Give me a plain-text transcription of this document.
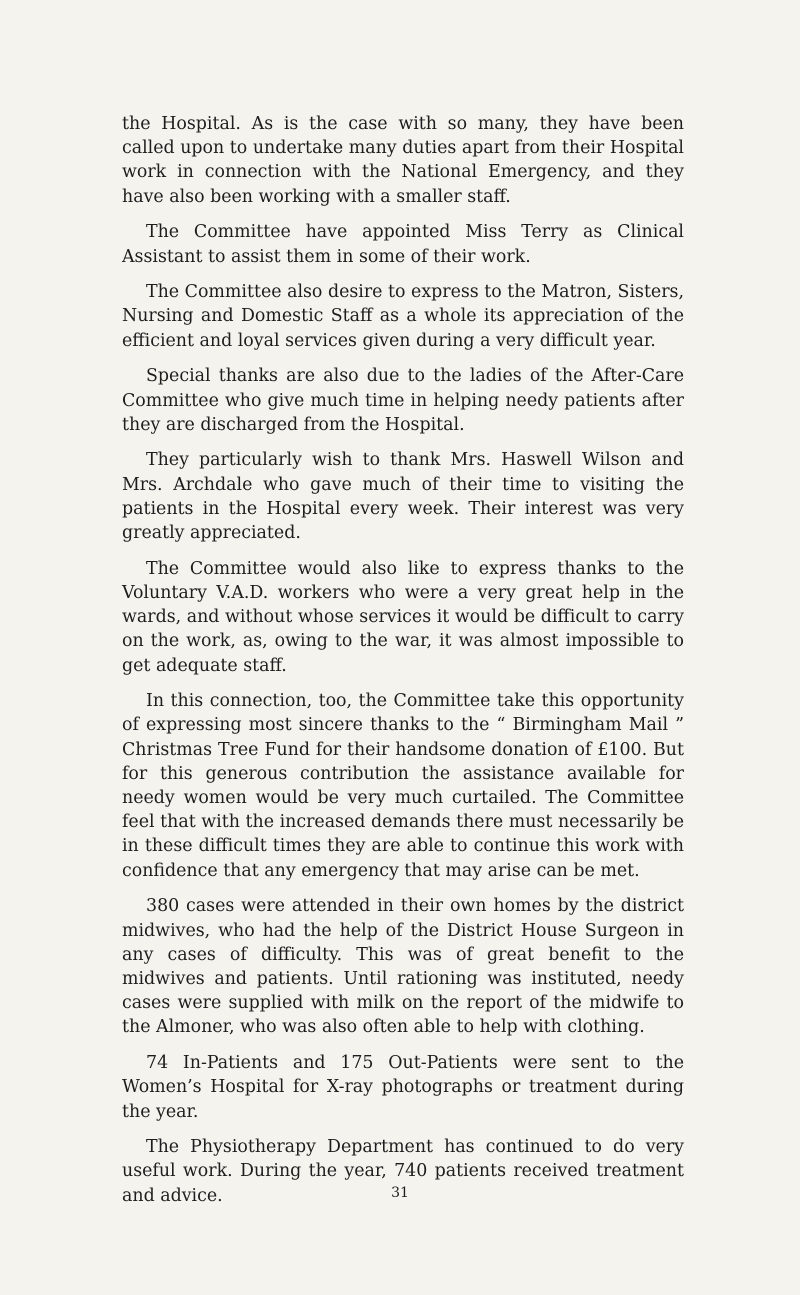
the Hospital. As is the case with so many, they have been called upon to undertake many duties apart from their Hospital work in connection with the National Emergency, and they have also been working with a smaller staff.

The Committee have appointed Miss Terry as Clinical Assistant to assist them in some of their work.

The Committee also desire to express to the Matron, Sisters, Nursing and Domestic Staff as a whole its appreciation of the efficient and loyal services given during a very difficult year.

Special thanks are also due to the ladies of the After-Care Committee who give much time in helping needy patients after they are discharged from the Hospital.

They particularly wish to thank Mrs. Haswell Wilson and Mrs. Archdale who gave much of their time to visiting the patients in the Hospital every week. Their interest was very greatly appreciated.

The Committee would also like to express thanks to the Voluntary V.A.D. workers who were a very great help in the wards, and without whose services it would be difficult to carry on the work, as, owing to the war, it was almost impossible to get adequate staff.

In this connection, too, the Committee take this opportunity of expressing most sincere thanks to the “ Birmingham Mail ” Christmas Tree Fund for their handsome donation of £100. But for this generous contribution the assistance available for needy women would be very much curtailed. The Committee feel that with the increased demands there must necessarily be in these difficult times they are able to continue this work with confidence that any emergency that may arise can be met.

380 cases were attended in their own homes by the district midwives, who had the help of the District House Surgeon in any cases of difficulty. This was of great benefit to the midwives and patients. Until rationing was instituted, needy cases were supplied with milk on the report of the midwife to the Almoner, who was also often able to help with clothing.

74 In-Patients and 175 Out-Patients were sent to the Women’s Hospital for X-ray photographs or treatment during the year.

The Physiotherapy Department has continued to do very useful work. During the year, 740 patients received treatment and advice.	31
